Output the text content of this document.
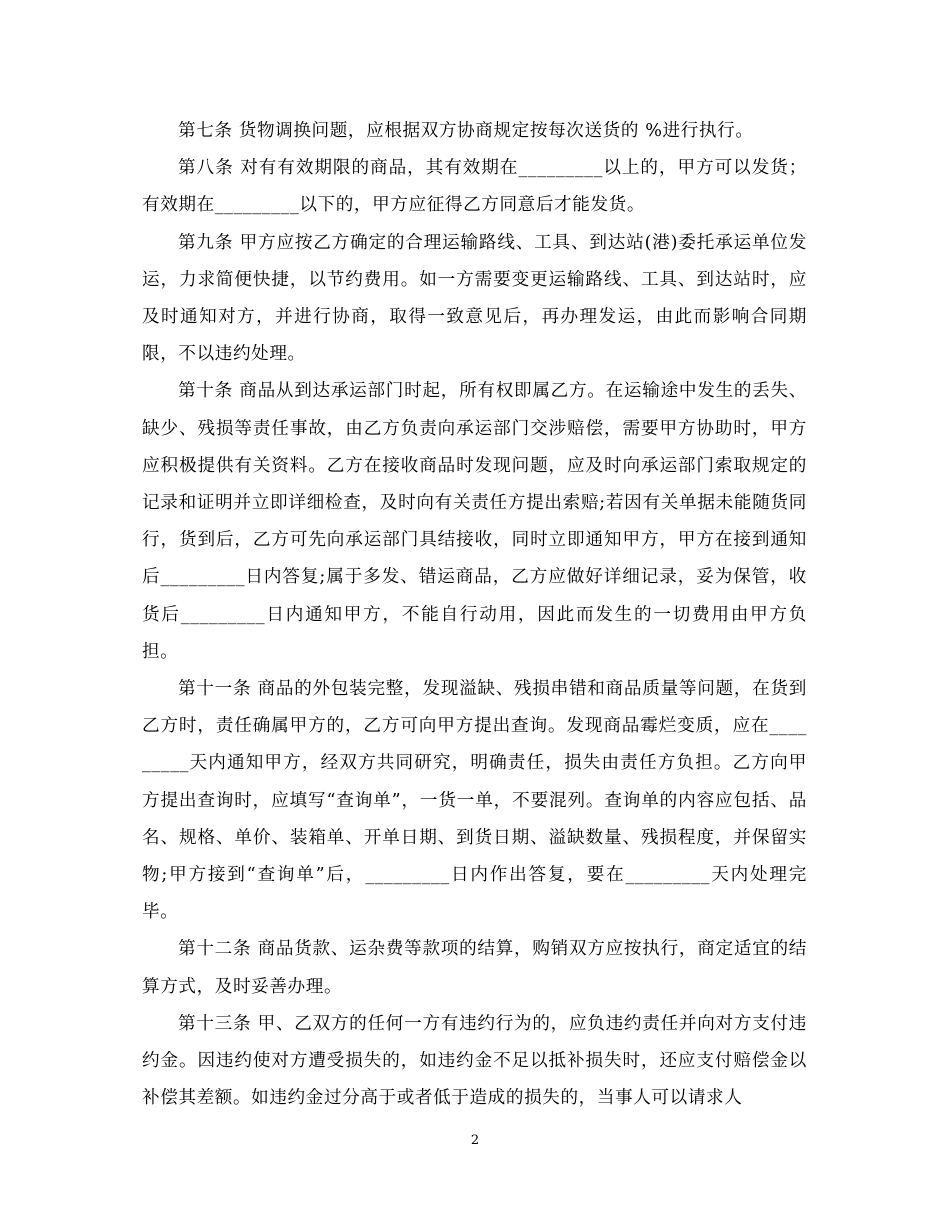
第七条 货物调换问题，应根据双方协商规定按每次送货的 %进行执行。

第八条 对有有效期限的商品，其有效期在_________以上的，甲方可以发货；有效期在_________以下的，甲方应征得乙方同意后才能发货。

第九条 甲方应按乙方确定的合理运输路线、工具、到达站(港)委托承运单位发运，力求简便快捷，以节约费用。如一方需要变更运输路线、工具、到达站时，应及时通知对方，并进行协商，取得一致意见后，再办理发运，由此而影响合同期限，不以违约处理。

第十条 商品从到达承运部门时起，所有权即属乙方。在运输途中发生的丢失、缺少、残损等责任事故，由乙方负责向承运部门交涉赔偿，需要甲方协助时，甲方应积极提供有关资料。乙方在接收商品时发现问题，应及时向承运部门索取规定的记录和证明并立即详细检查，及时向有关责任方提出索赔;若因有关单据未能随货同行，货到后，乙方可先向承运部门具结接收，同时立即通知甲方，甲方在接到通知后_________日内答复;属于多发、错运商品，乙方应做好详细记录，妥为保管，收货后_________日内通知甲方，不能自行动用，因此而发生的一切费用由甲方负担。

第十一条 商品的外包装完整，发现溢缺、残损串错和商品质量等问题，在货到乙方时，责任确属甲方的，乙方可向甲方提出查询。发现商品霉烂变质，应在_________天内通知甲方，经双方共同研究，明确责任，损失由责任方负担。乙方向甲方提出查询时，应填写“查询单”，一货一单，不要混列。查询单的内容应包括、品名、规格、单价、装箱单、开单日期、到货日期、溢缺数量、残损程度，并保留实物;甲方接到“查询单”后，_________日内作出答复，要在_________天内处理完毕。

第十二条 商品货款、运杂费等款项的结算，购销双方应按执行，商定适宜的结算方式，及时妥善办理。

第十三条 甲、乙双方的任何一方有违约行为的，应负违约责任并向对方支付违约金。因违约使对方遭受损失的，如违约金不足以抵补损失时，还应支付赔偿金以补偿其差额。如违约金过分高于或者低于造成的损失的，当事人可以请求人

2
